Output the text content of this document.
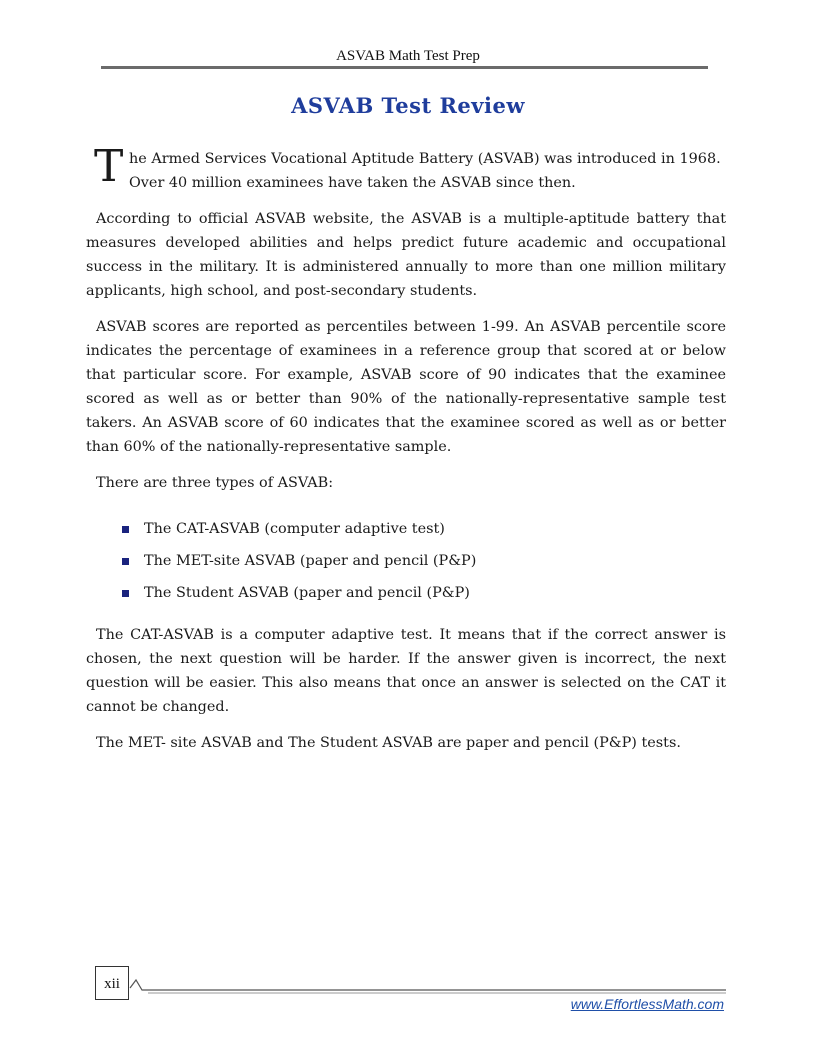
ASVAB Math Test Prep
ASVAB Test Review
T he Armed Services Vocational Aptitude Battery (ASVAB) was introduced in 1968.
Over 40 million examinees have taken the ASVAB since then.

According to official ASVAB website, the ASVAB is a multiple-aptitude battery that measures developed abilities and helps predict future academic and occupational success in the military. It is administered annually to more than one million military applicants, high school, and post-secondary students.

ASVAB scores are reported as percentiles between 1-99. An ASVAB percentile score indicates the percentage of examinees in a reference group that scored at or below that particular score. For example, ASVAB score of 90 indicates that the examinee scored as well as or better than 90% of the nationally-representative sample test takers. An ASVAB score of 60 indicates that the examinee scored as well as or better than 60% of the nationally-representative sample.

There are three types of ASVAB:

The CAT-ASVAB (computer adaptive test)
The MET-site ASVAB (paper and pencil (P&P)
The Student ASVAB (paper and pencil (P&P)

The CAT-ASVAB is a computer adaptive test. It means that if the correct answer is chosen, the next question will be harder. If the answer given is incorrect, the next question will be easier. This also means that once an answer is selected on the CAT it cannot be changed.

The MET- site ASVAB and The Student ASVAB are paper and pencil (P&P) tests.

xii
www.EffortlessMath.com
